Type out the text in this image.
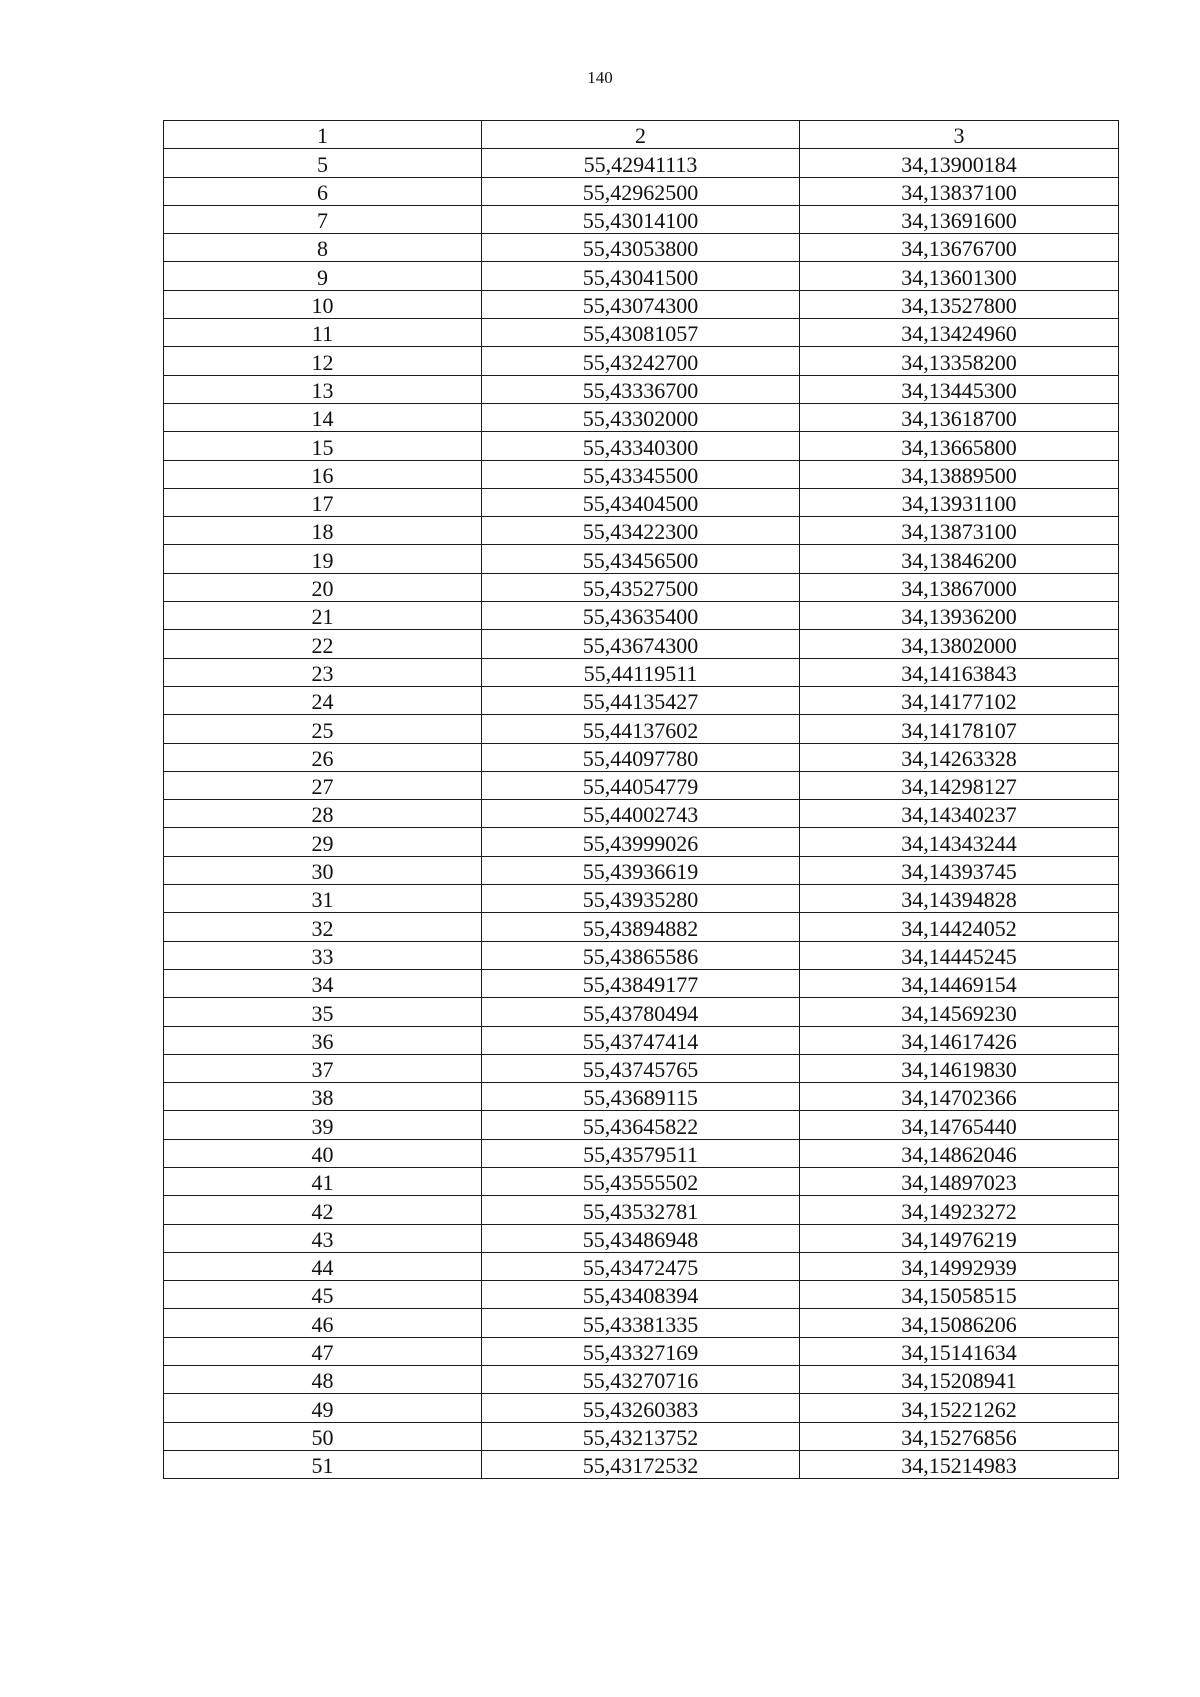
140
1	2	3
5	55,42941113	34,13900184
6	55,42962500	34,13837100
7	55,43014100	34,13691600
8	55,43053800	34,13676700
9	55,43041500	34,13601300
10	55,43074300	34,13527800
11	55,43081057	34,13424960
12	55,43242700	34,13358200
13	55,43336700	34,13445300
14	55,43302000	34,13618700
15	55,43340300	34,13665800
16	55,43345500	34,13889500
17	55,43404500	34,13931100
18	55,43422300	34,13873100
19	55,43456500	34,13846200
20	55,43527500	34,13867000
21	55,43635400	34,13936200
22	55,43674300	34,13802000
23	55,44119511	34,14163843
24	55,44135427	34,14177102
25	55,44137602	34,14178107
26	55,44097780	34,14263328
27	55,44054779	34,14298127
28	55,44002743	34,14340237
29	55,43999026	34,14343244
30	55,43936619	34,14393745
31	55,43935280	34,14394828
32	55,43894882	34,14424052
33	55,43865586	34,14445245
34	55,43849177	34,14469154
35	55,43780494	34,14569230
36	55,43747414	34,14617426
37	55,43745765	34,14619830
38	55,43689115	34,14702366
39	55,43645822	34,14765440
40	55,43579511	34,14862046
41	55,43555502	34,14897023
42	55,43532781	34,14923272
43	55,43486948	34,14976219
44	55,43472475	34,14992939
45	55,43408394	34,15058515
46	55,43381335	34,15086206
47	55,43327169	34,15141634
48	55,43270716	34,15208941
49	55,43260383	34,15221262
50	55,43213752	34,15276856
51	55,43172532	34,15214983
